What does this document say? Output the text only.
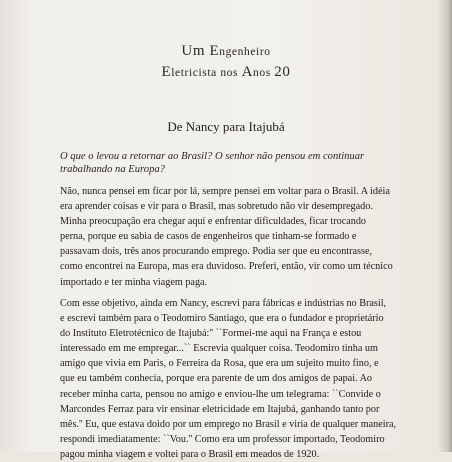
Um Engenheiro
Eletricista nos Anos 20
De Nancy para Itajubá
O que o levou a retornar ao Brasil? O senhor não pensou em continuar
trabalhando na Europa?
Não, nunca pensei em ficar por lá, sempre pensei em voltar para o Brasil. A idéia
era aprender coisas e vir para o Brasil, mas sobretudo não vir desempregado.
Minha preocupação era chegar aqui e enfrentar dificuldades, ficar trocando
perna, porque eu sabia de casos de engenheiros que tinham-se formado e
passavam dois, três anos procurando emprego. Podia ser que eu encontrasse,
como encontrei na Europa, mas era duvidoso. Preferi, então, vir como um técnico
importado e ter minha viagem paga.
Com esse objetivo, ainda em Nancy, escrevi para fábricas e indústrias no Brasil,
e escrevi também para o Teodomiro Santiago, que era o fundador e proprietário
do Instituto Eletrotécnico de Itajubá:'' ``Formei-me aqui na França e estou
interessado em me empregar...`` Escrevia qualquer coisa. Teodomiro tinha um
amigo que vivia em Paris, o Ferreira da Rosa, que era um sujeito muito fino, e
que eu também conhecia, porque era parente de um dos amigos de papai. Ao
receber minha carta, pensou no amigo e enviou-lhe um telegrama: ``Convide o
Marcondes Ferraz para vir ensinar eletricidade em Itajubá, ganhando tanto por
mês.'' Eu, que estava doido por um emprego no Brasil e viria de qualquer maneira,
respondi imediatamente: ``Vou.'' Como era um professor importado, Teodomiro
pagou minha viagem e voltei para o Brasil em meados de 1920.
